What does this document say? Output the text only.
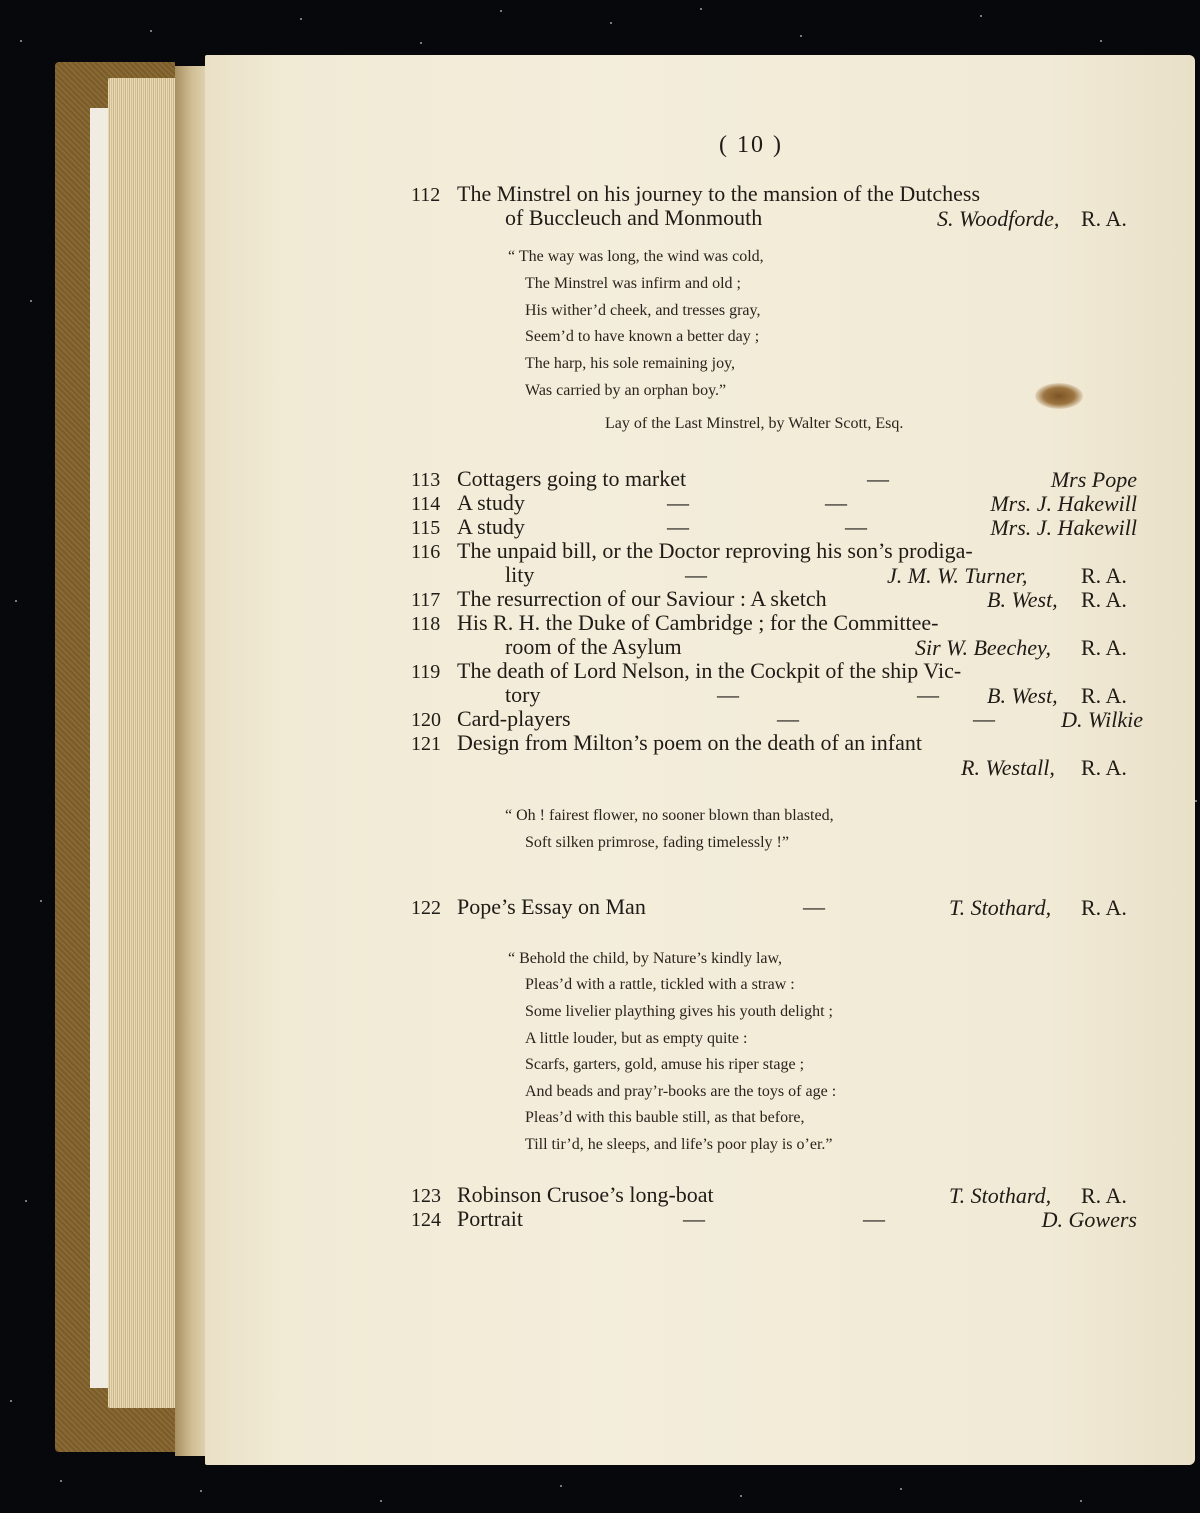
( 10 )
112 The Minstrel on his journey to the mansion of the Dutchess
of Buccleuch and Monmouth	S. Woodforde, R. A.
“ The way was long, the wind was cold,
The Minstrel was infirm and old ;
His wither’d cheek, and tresses gray,
Seem’d to have known a better day ;
The harp, his sole remaining joy,
Was carried by an orphan boy.”
Lay of the Last Minstrel, by Walter Scott, Esq.
113 Cottagers going to market	—	Mrs Pope
114 A study	—	—	Mrs. J. Hakewill
115 A study	—	—	Mrs. J. Hakewill
116 The unpaid bill, or the Doctor reproving his son’s prodiga-
lity	—	J. M. W. Turner, R. A.
117 The resurrection of our Saviour : A sketch	B. West, R. A.
118 His R. H. the Duke of Cambridge ; for the Committee-
room of the Asylum	Sir W. Beechey, R. A.
119 The death of Lord Nelson, in the Cockpit of the ship Vic-
tory	—	— B. West, R. A.
120 Card-players	—	—	D. Wilkie
121 Design from Milton’s poem on the death of an infant
R. Westall, R. A.
“ Oh ! fairest flower, no sooner blown than blasted,
Soft silken primrose, fading timelessly !”
122 Pope’s Essay on Man	—	T. Stothard, R. A.
“ Behold the child, by Nature’s kindly law,
Pleas’d with a rattle, tickled with a straw :
Some livelier plaything gives his youth delight ;
A little louder, but as empty quite :
Scarfs, garters, gold, amuse his riper stage ;
And beads and pray’r-books are the toys of age :
Pleas’d with this bauble still, as that before,
Till tir’d, he sleeps, and life’s poor play is o’er.”
123 Robinson Crusoe’s long-boat	T. Stothard, R. A.
124 Portrait	—	—	D. Gowers
